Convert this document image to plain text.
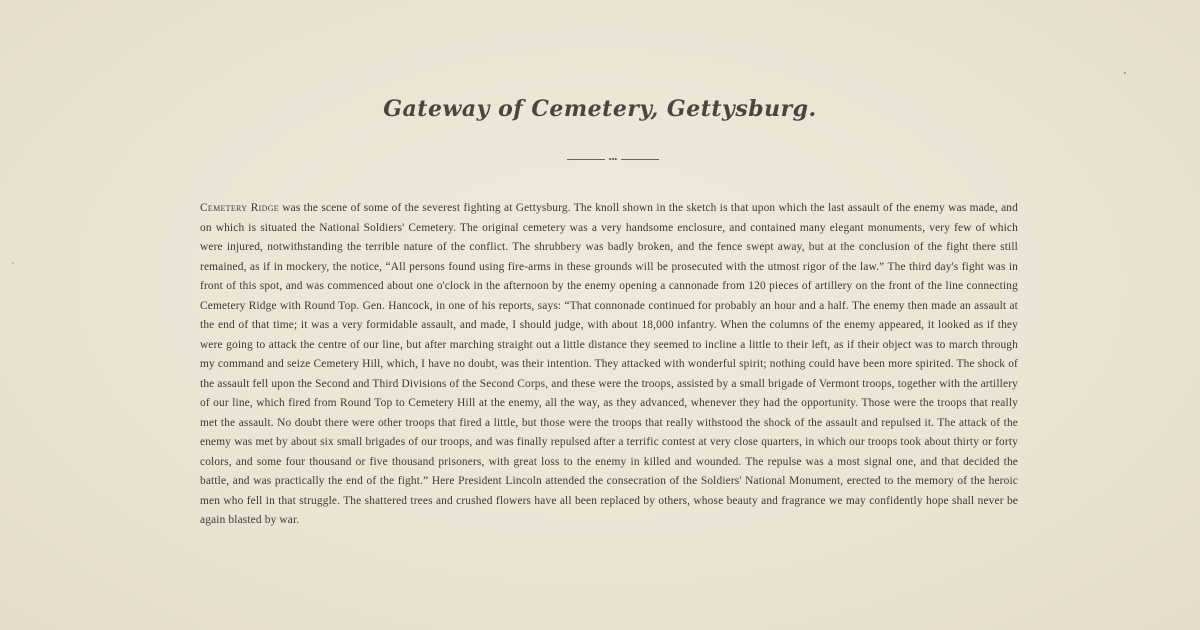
Gateway of Cemetery, Gettysburg.
•••

Cemetery Ridge was the scene of some of the severest fighting at Gettysburg. The knoll shown in the sketch is that upon which the last assault of the enemy was made, and on which is situated the National Soldiers' Cemetery. The original cemetery was a very handsome enclosure, and contained many elegant monuments, very few of which were injured, notwithstanding the terrible nature of the conflict. The shrubbery was badly broken, and the fence swept away, but at the conclusion of the fight there still remained, as if in mockery, the notice, “All persons found using fire-arms in these grounds will be prosecuted with the utmost rigor of the law.” The third day's fight was in front of this spot, and was commenced about one o'clock in the afternoon by the enemy opening a cannonade from 120 pieces of artillery on the front of the line connecting Cemetery Ridge with Round Top. Gen. Hancock, in one of his reports, says: “That connonade continued for probably an hour and a half. The enemy then made an assault at the end of that time; it was a very formidable assault, and made, I should judge, with about 18,000 infantry. When the columns of the enemy appeared, it looked as if they were going to attack the centre of our line, but after marching straight out a little distance they seemed to incline a little to their left, as if their object was to march through my command and seize Cemetery Hill, which, I have no doubt, was their intention. They attacked with wonderful spirit; nothing could have been more spirited. The shock of the assault fell upon the Second and Third Divisions of the Second Corps, and these were the troops, assisted by a small brigade of Vermont troops, together with the artillery of our line, which fired from Round Top to Cemetery Hill at the enemy, all the way, as they advanced, whenever they had the opportunity. Those were the troops that really met the assault. No doubt there were other troops that fired a little, but those were the troops that really withstood the shock of the assault and repulsed it. The attack of the enemy was met by about six small brigades of our troops, and was finally repulsed after a terrific contest at very close quarters, in which our troops took about thirty or forty colors, and some four thousand or five thousand prisoners, with great loss to the enemy in killed and wounded. The repulse was a most signal one, and that decided the battle, and was practically the end of the fight.” Here President Lincoln attended the consecration of the Soldiers' National Monument, erected to the memory of the heroic men who fell in that struggle. The shattered trees and crushed flowers have all been replaced by others, whose beauty and fragrance we may confidently hope shall never be again blasted by war.
